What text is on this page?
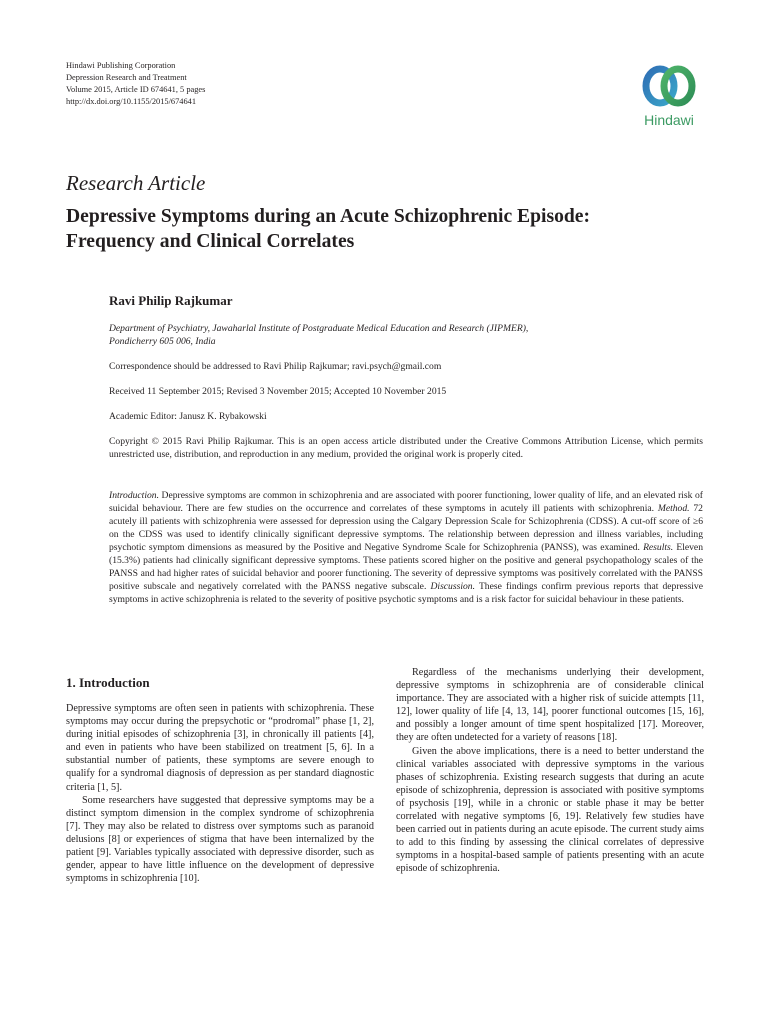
Hindawi Publishing Corporation
Depression Research and Treatment
Volume 2015, Article ID 674641, 5 pages
http://dx.doi.org/10.1155/2015/674641
Hindawi
Research Article
Depressive Symptoms during an Acute Schizophrenic Episode:
Frequency and Clinical Correlates
Ravi Philip Rajkumar
Department of Psychiatry, Jawaharlal Institute of Postgraduate Medical Education and Research (JIPMER),
Pondicherry 605 006, India
Correspondence should be addressed to Ravi Philip Rajkumar; ravi.psych@gmail.com
Received 11 September 2015; Revised 3 November 2015; Accepted 10 November 2015
Academic Editor: Janusz K. Rybakowski
Copyright © 2015 Ravi Philip Rajkumar. This is an open access article distributed under the Creative Commons Attribution License, which permits unrestricted use, distribution, and reproduction in any medium, provided the original work is properly cited.
Introduction. Depressive symptoms are common in schizophrenia and are associated with poorer functioning, lower quality of life, and an elevated risk of suicidal behaviour. There are few studies on the occurrence and correlates of these symptoms in acutely ill patients with schizophrenia. Method. 72 acutely ill patients with schizophrenia were assessed for depression using the Calgary Depression Scale for Schizophrenia (CDSS). A cut-off score of ≥6 on the CDSS was used to identify clinically significant depressive symptoms. The relationship between depression and illness variables, including psychotic symptom dimensions as measured by the Positive and Negative Syndrome Scale for Schizophrenia (PANSS), was examined. Results. Eleven (15.3%) patients had clinically significant depressive symptoms. These patients scored higher on the positive and general psychopathology scales of the PANSS and had higher rates of suicidal behavior and poorer functioning. The severity of depressive symptoms was positively correlated with the PANSS positive subscale and negatively correlated with the PANSS negative subscale. Discussion. These findings confirm previous reports that depressive symptoms in active schizophrenia is related to the severity of positive psychotic symptoms and is a risk factor for suicidal behaviour in these patients.
1. Introduction

Depressive symptoms are often seen in patients with schizophrenia. These symptoms may occur during the prepsychotic or “prodromal” phase [1, 2], during initial episodes of schizophrenia [3], in chronically ill patients [4], and even in patients who have been stabilized on treatment [5, 6]. In a substantial number of patients, these symptoms are severe enough to qualify for a syndromal diagnosis of depression as per standard diagnostic criteria [1, 5].

Some researchers have suggested that depressive symptoms may be a distinct symptom dimension in the complex syndrome of schizophrenia [7]. They may also be related to distress over symptoms such as paranoid delusions [8] or experiences of stigma that have been internalized by the patient [9]. Variables typically associated with depressive disorder, such as gender, appear to have little influence on the development of depressive symptoms in schizophrenia [10].

Regardless of the mechanisms underlying their development, depressive symptoms in schizophrenia are of considerable clinical importance. They are associated with a higher risk of suicide attempts [11, 12], lower quality of life [4, 13, 14], poorer functional outcomes [15, 16], and possibly a longer amount of time spent hospitalized [17]. Moreover, they are often undetected for a variety of reasons [18].

Given the above implications, there is a need to better understand the clinical variables associated with depressive symptoms in the various phases of schizophrenia. Existing research suggests that during an acute episode of schizophrenia, depression is associated with positive symptoms of psychosis [19], while in a chronic or stable phase it may be better correlated with negative symptoms [6, 19]. Relatively few studies have been carried out in patients during an acute episode. The current study aims to add to this finding by assessing the clinical correlates of depressive symptoms in a hospital-based sample of patients presenting with an acute episode of schizophrenia.
